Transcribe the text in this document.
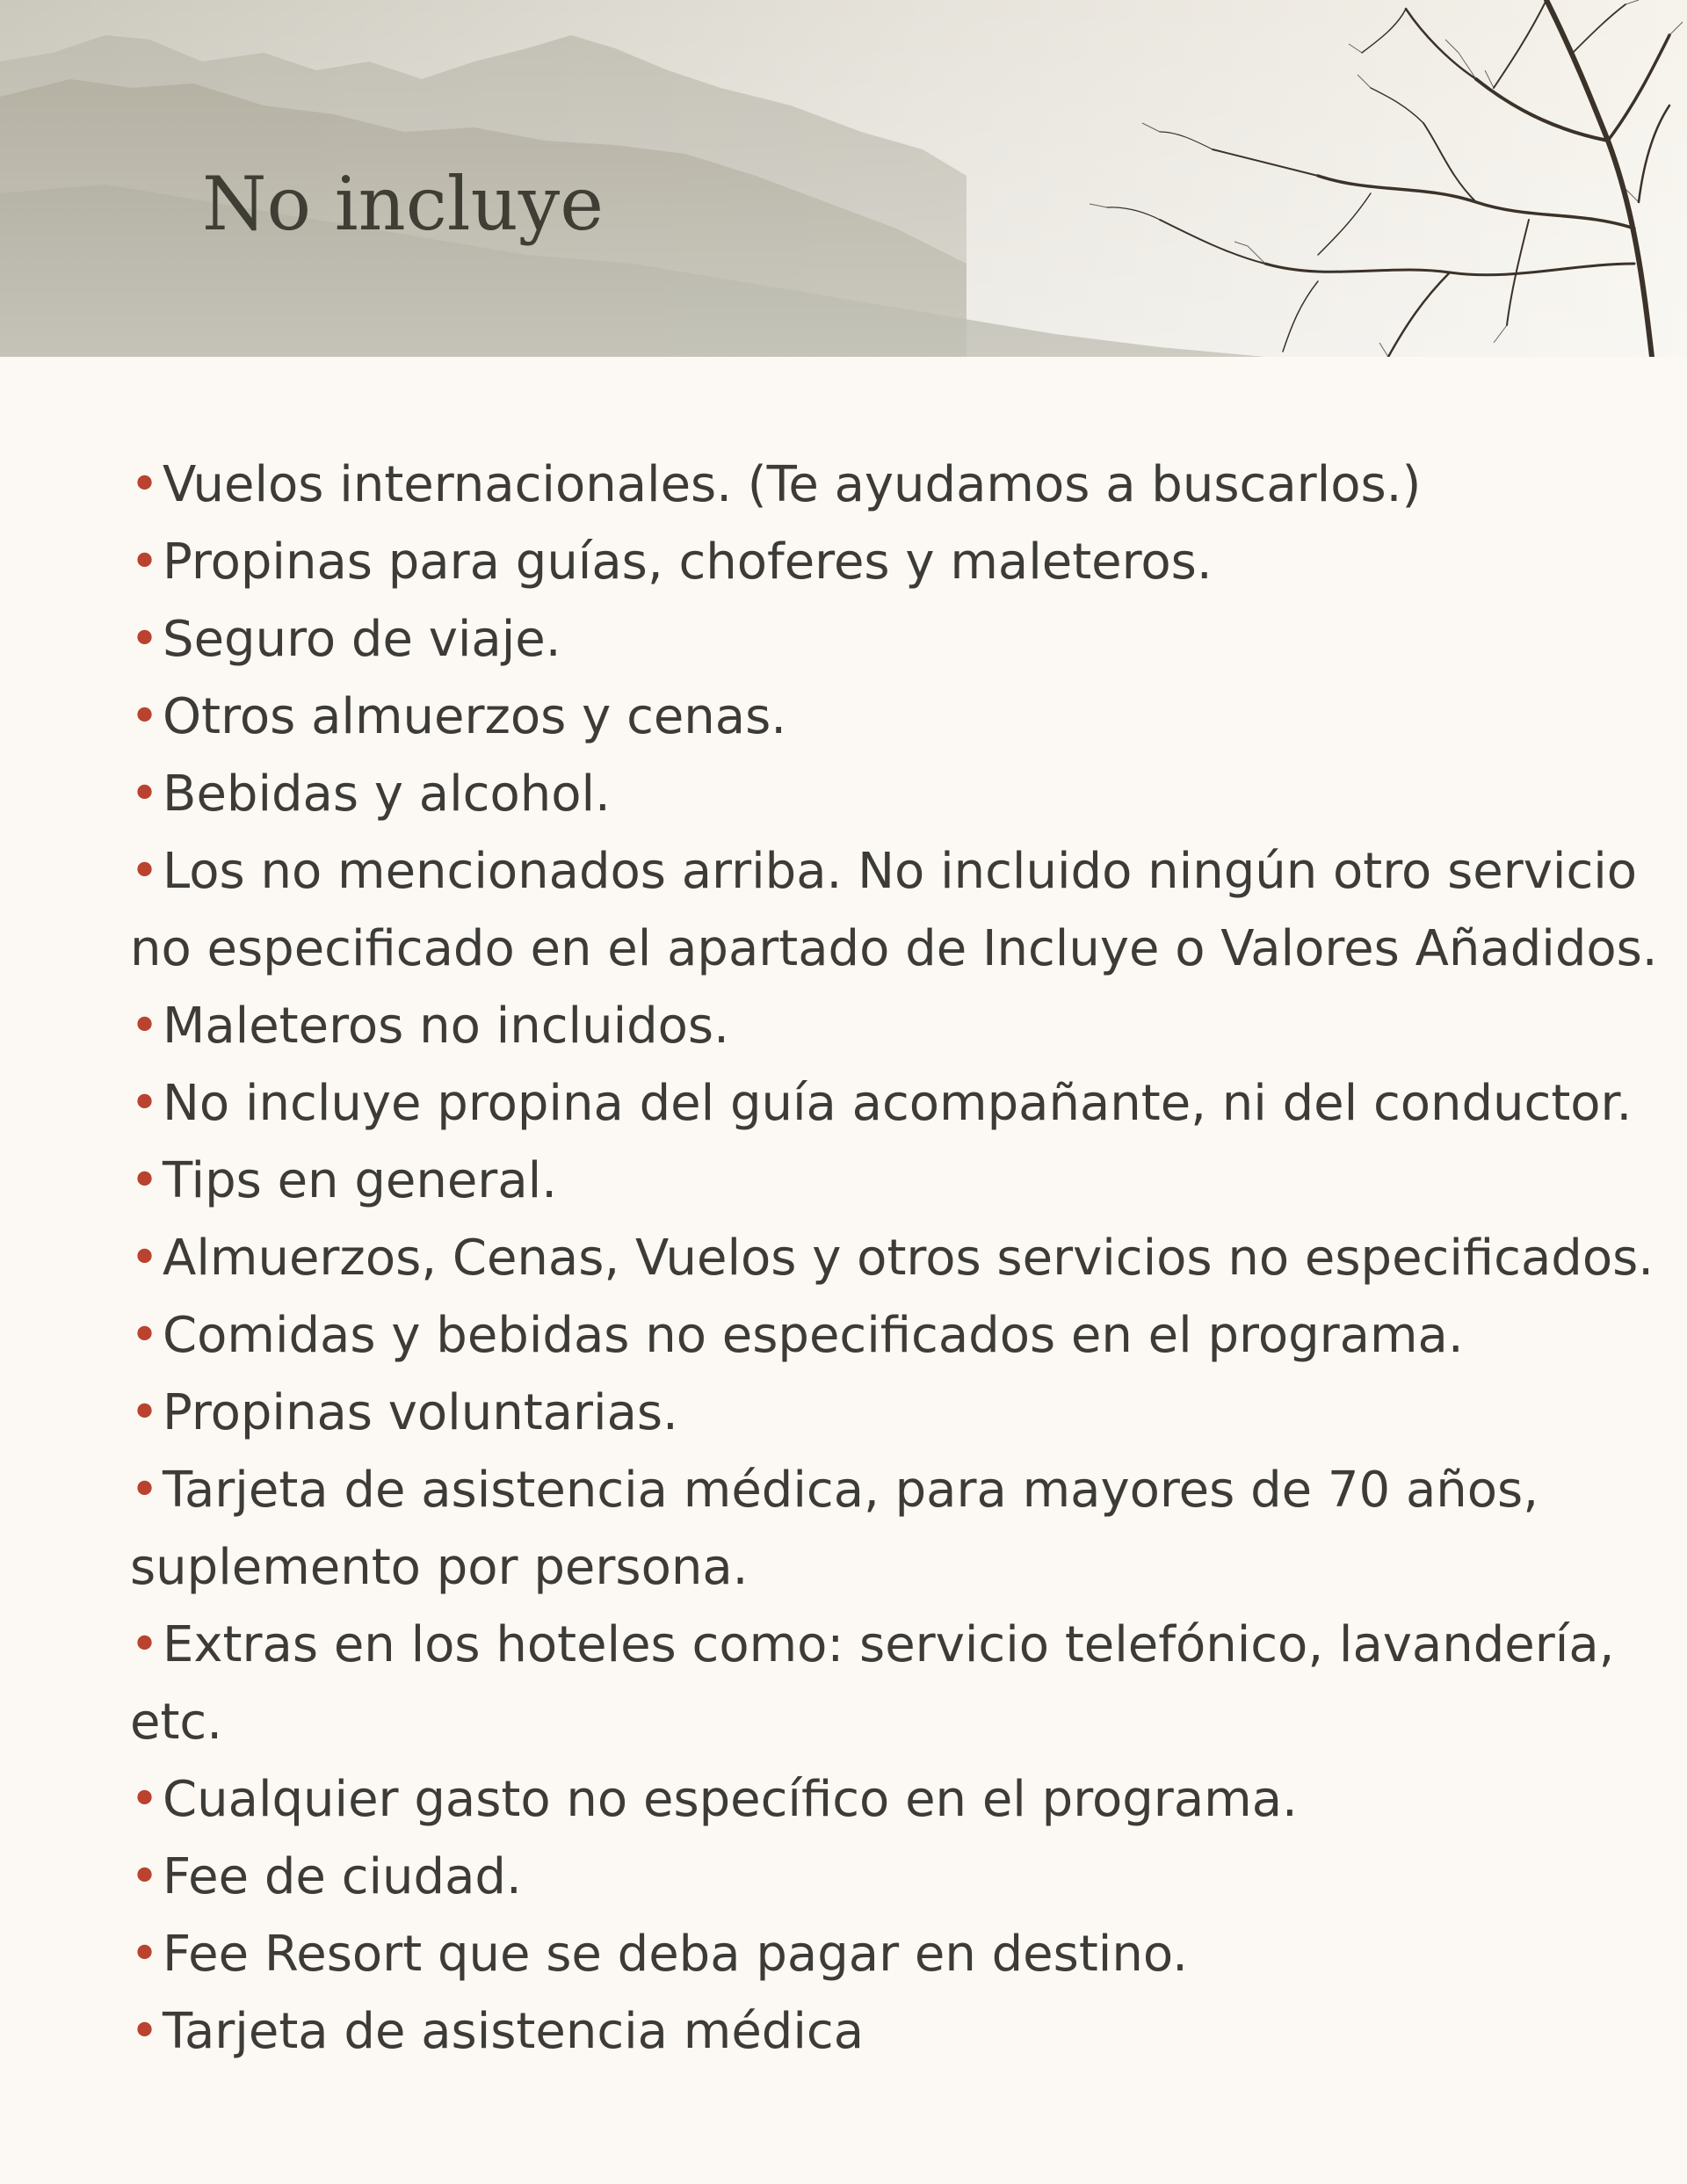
No incluye
•Vuelos internacionales. (Te ayudamos a buscarlos.)
•Propinas para guías, choferes y maleteros.
•Seguro de viaje.
•Otros almuerzos y cenas.
•Bebidas y alcohol.
•Los no mencionados arriba. No incluido ningún otro servicio no especificado en el apartado de Incluye o Valores Añadidos.
•Maleteros no incluidos.
•No incluye propina del guía acompañante, ni del conductor.
•Tips en general.
•Almuerzos, Cenas, Vuelos y otros servicios no especificados.
•Comidas y bebidas no especificados en el programa.
•Propinas voluntarias.
•Tarjeta de asistencia médica, para mayores de 70 años, suplemento por persona.
•Extras en los hoteles como: servicio telefónico, lavandería, etc.
•Cualquier gasto no específico en el programa.
•Fee de ciudad.
•Fee Resort que se deba pagar en destino.
•Tarjeta de asistencia médica
